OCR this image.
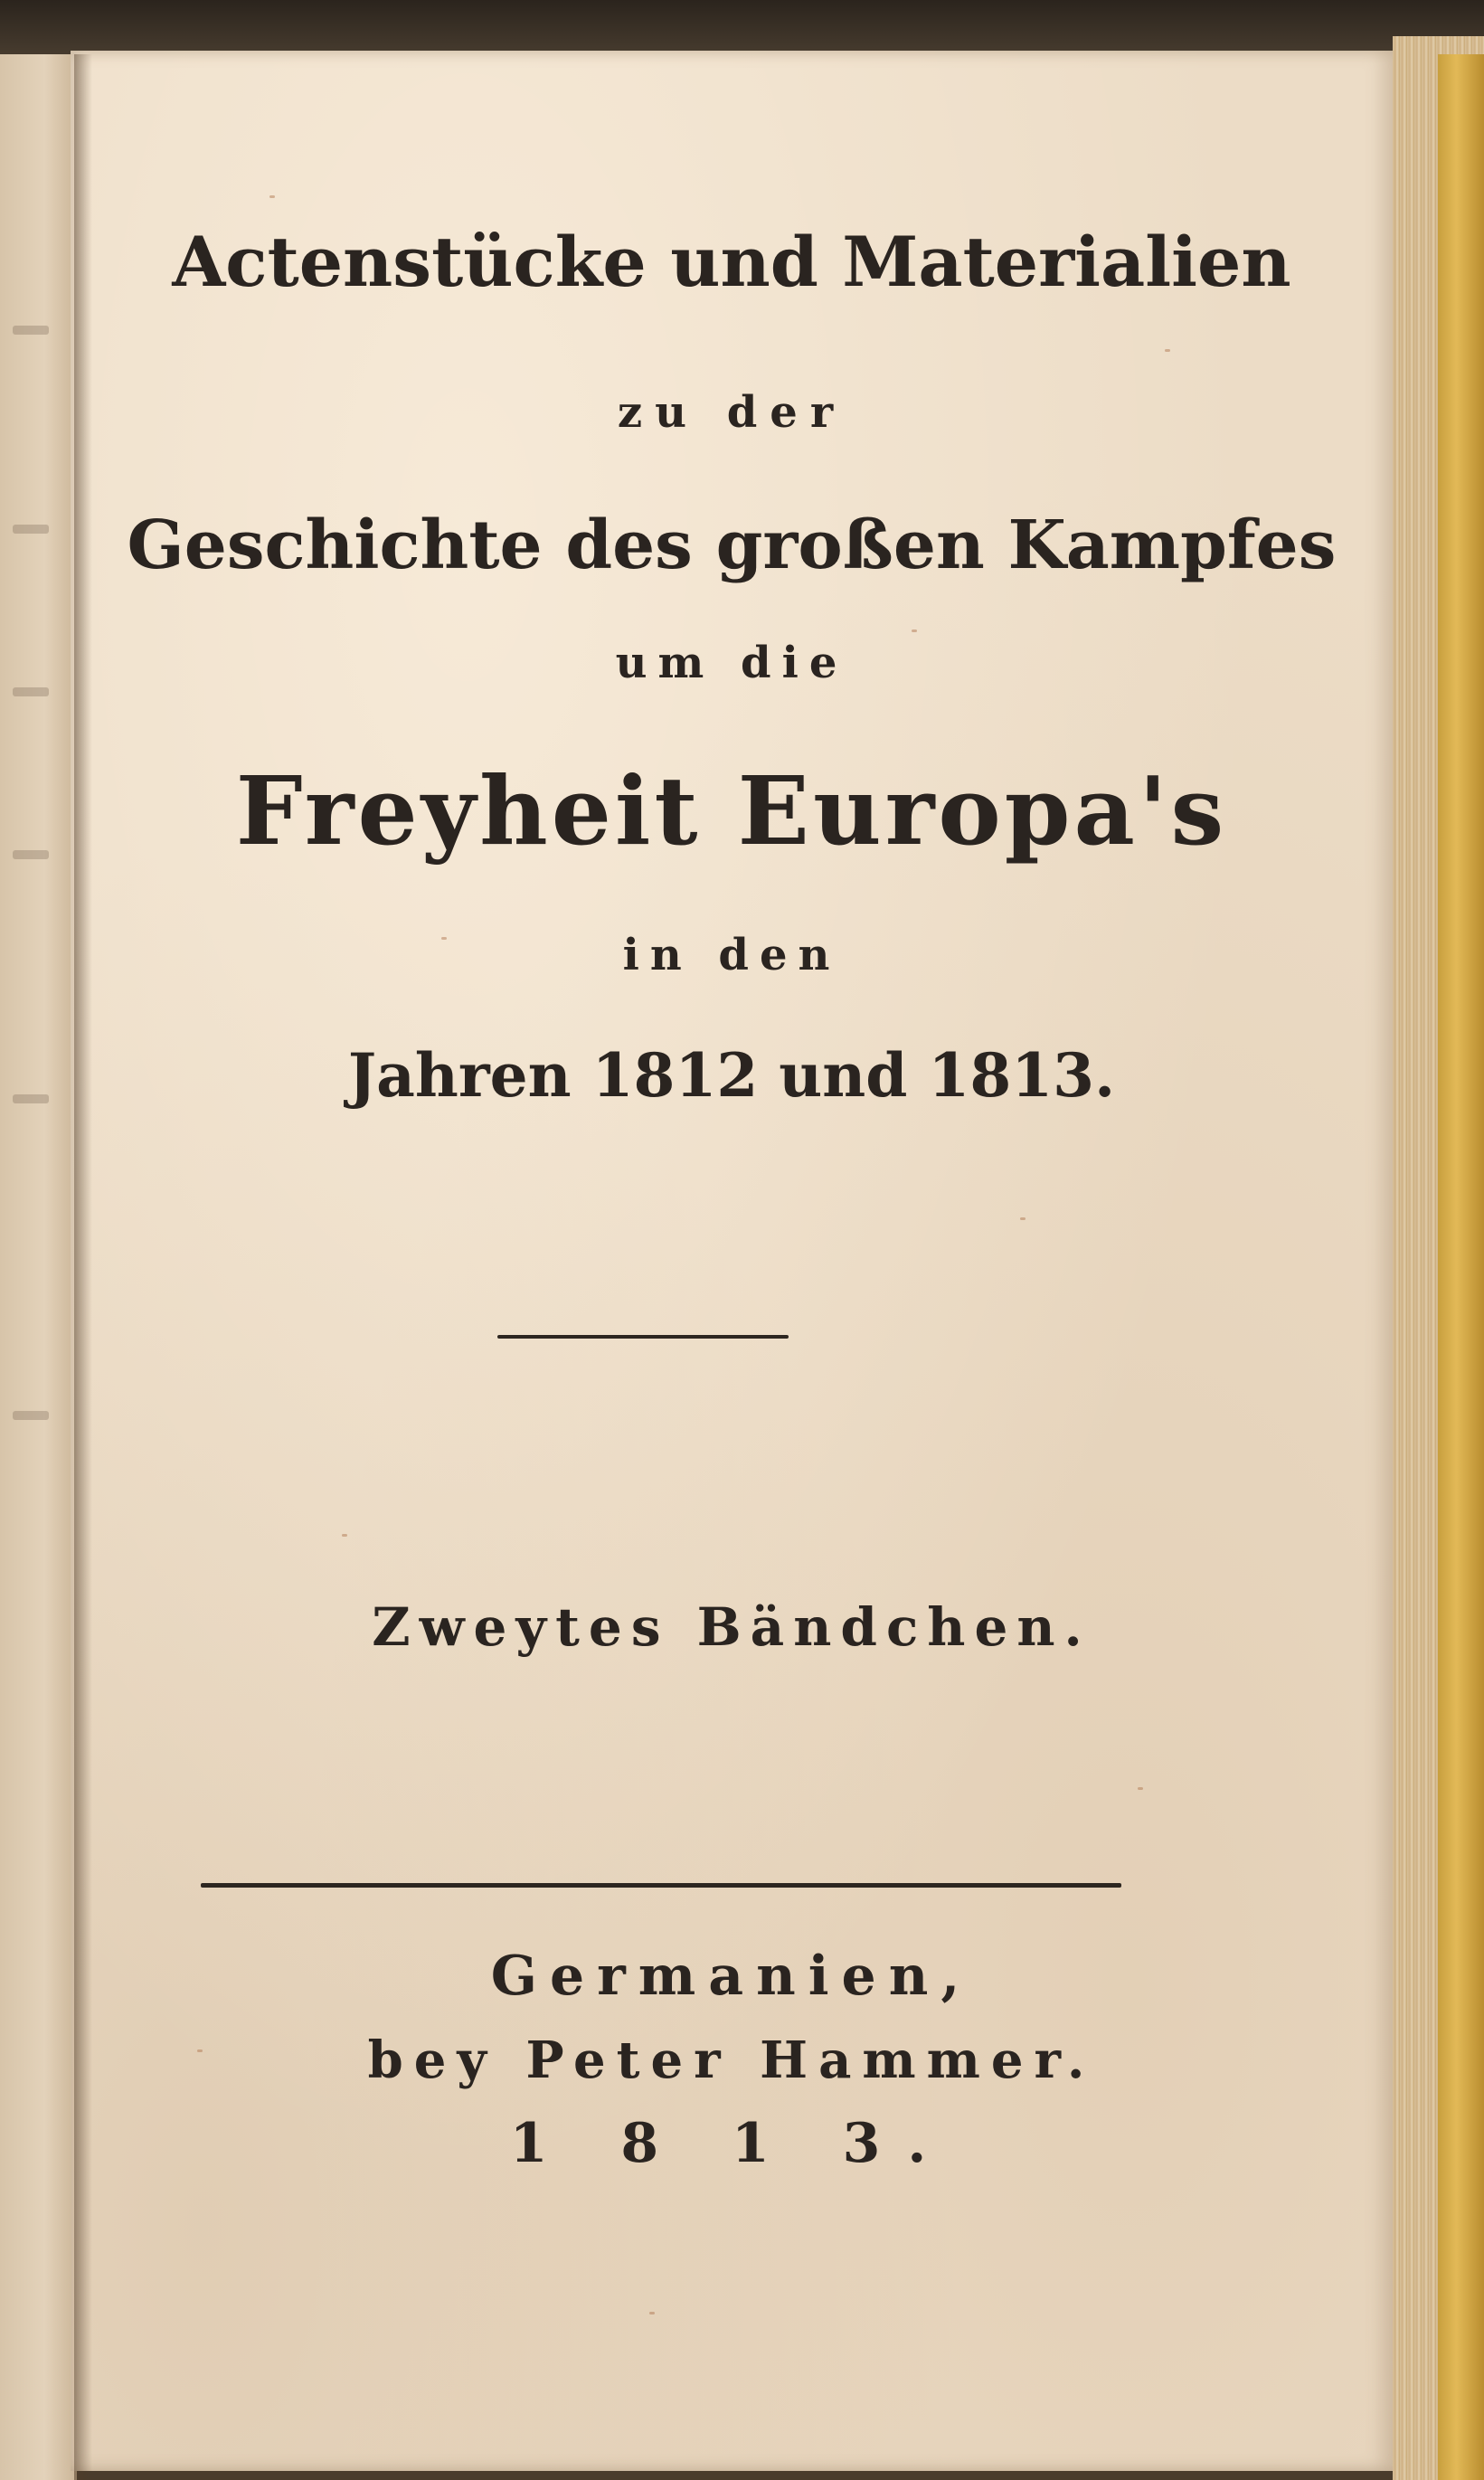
Actenstücke und Materialien
zu der
Geschichte des großen Kampfes
um die
Freyheit Europa's
in den
Jahren 1812 und 1813.
Zweytes Bändchen.
Germanien,
bey Peter Hammer.
1 8 1 3.
